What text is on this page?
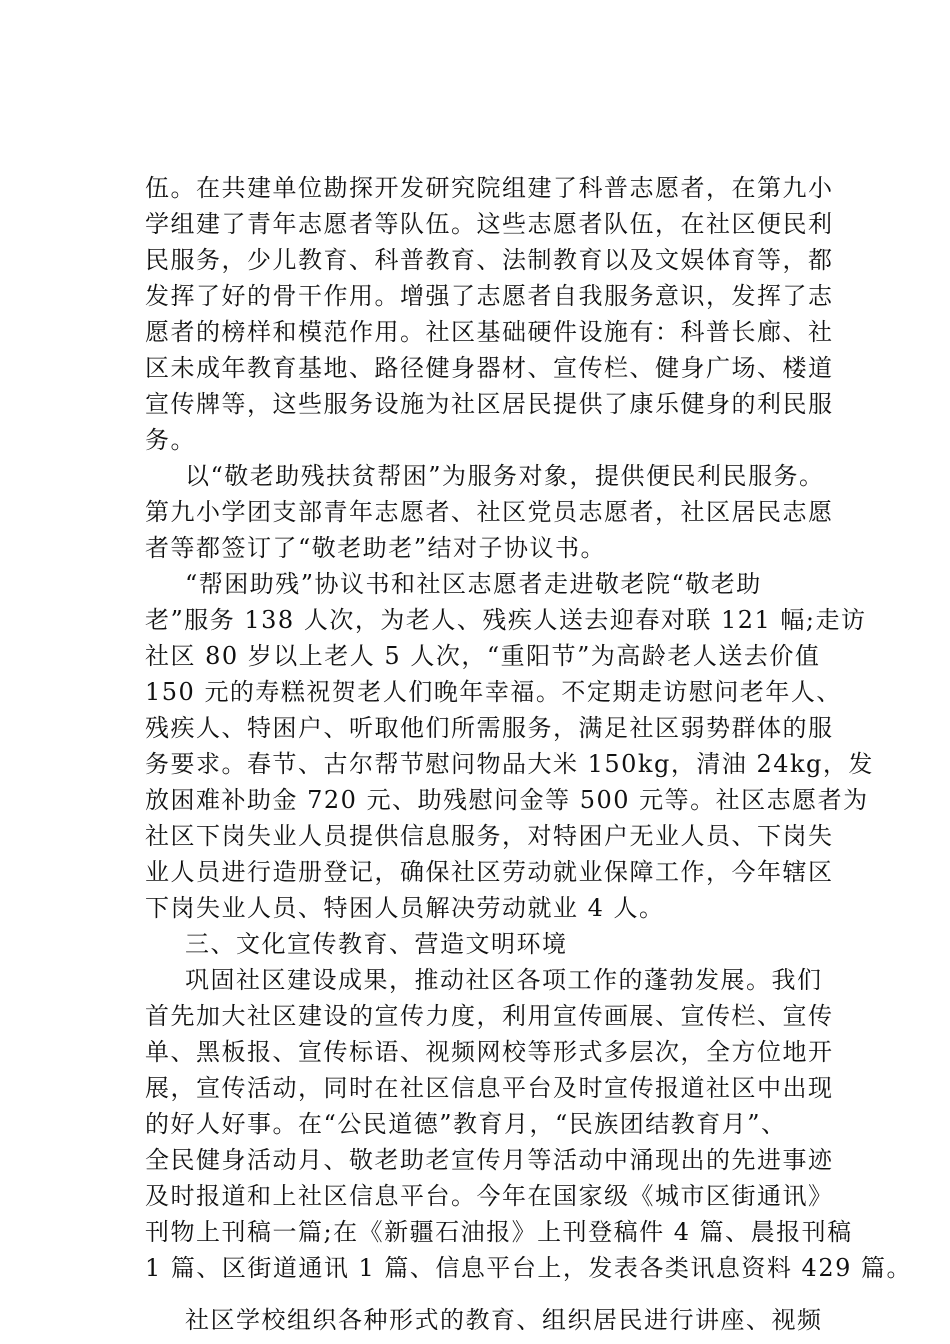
伍。在共建单位勘探开发研究院组建了科普志愿者，在第九小
学组建了青年志愿者等队伍。这些志愿者队伍，在社区便民利
民服务，少儿教育、科普教育、法制教育以及文娱体育等，都
发挥了好的骨干作用。增强了志愿者自我服务意识，发挥了志
愿者的榜样和模范作用。社区基础硬件设施有：科普长廊、社
区未成年教育基地、路径健身器材、宣传栏、健身广场、楼道
宣传牌等，这些服务设施为社区居民提供了康乐健身的利民服
务。
以“敬老助残扶贫帮困”为服务对象，提供便民利民服务。
第九小学团支部青年志愿者、社区党员志愿者，社区居民志愿
者等都签订了“敬老助老”结对子协议书。
“帮困助残”协议书和社区志愿者走进敬老院“敬老助
老”服务 138 人次，为老人、残疾人送去迎春对联 121 幅;走访
社区 80 岁以上老人 5 人次，“重阳节”为高龄老人送去价值
150 元的寿糕祝贺老人们晚年幸福。不定期走访慰问老年人、
残疾人、特困户、听取他们所需服务，满足社区弱势群体的服
务要求。春节、古尔帮节慰问物品大米 150kg，清油 24kg，发
放困难补助金 720 元、助残慰问金等 500 元等。社区志愿者为
社区下岗失业人员提供信息服务，对特困户无业人员、下岗失
业人员进行造册登记，确保社区劳动就业保障工作，今年辖区
下岗失业人员、特困人员解决劳动就业 4 人。
三、文化宣传教育、营造文明环境
巩固社区建设成果，推动社区各项工作的蓬勃发展。我们
首先加大社区建设的宣传力度，利用宣传画展、宣传栏、宣传
单、黑板报、宣传标语、视频网校等形式多层次，全方位地开
展，宣传活动，同时在社区信息平台及时宣传报道社区中出现
的好人好事。在“公民道德”教育月，“民族团结教育月”、
全民健身活动月、敬老助老宣传月等活动中涌现出的先进事迹
及时报道和上社区信息平台。今年在国家级《城市区街通讯》
刊物上刊稿一篇;在《新疆石油报》上刊登稿件 4 篇、晨报刊稿
1 篇、区街道通讯 1 篇、信息平台上，发表各类讯息资料 429 篇。
社区学校组织各种形式的教育、组织居民进行讲座、视频
